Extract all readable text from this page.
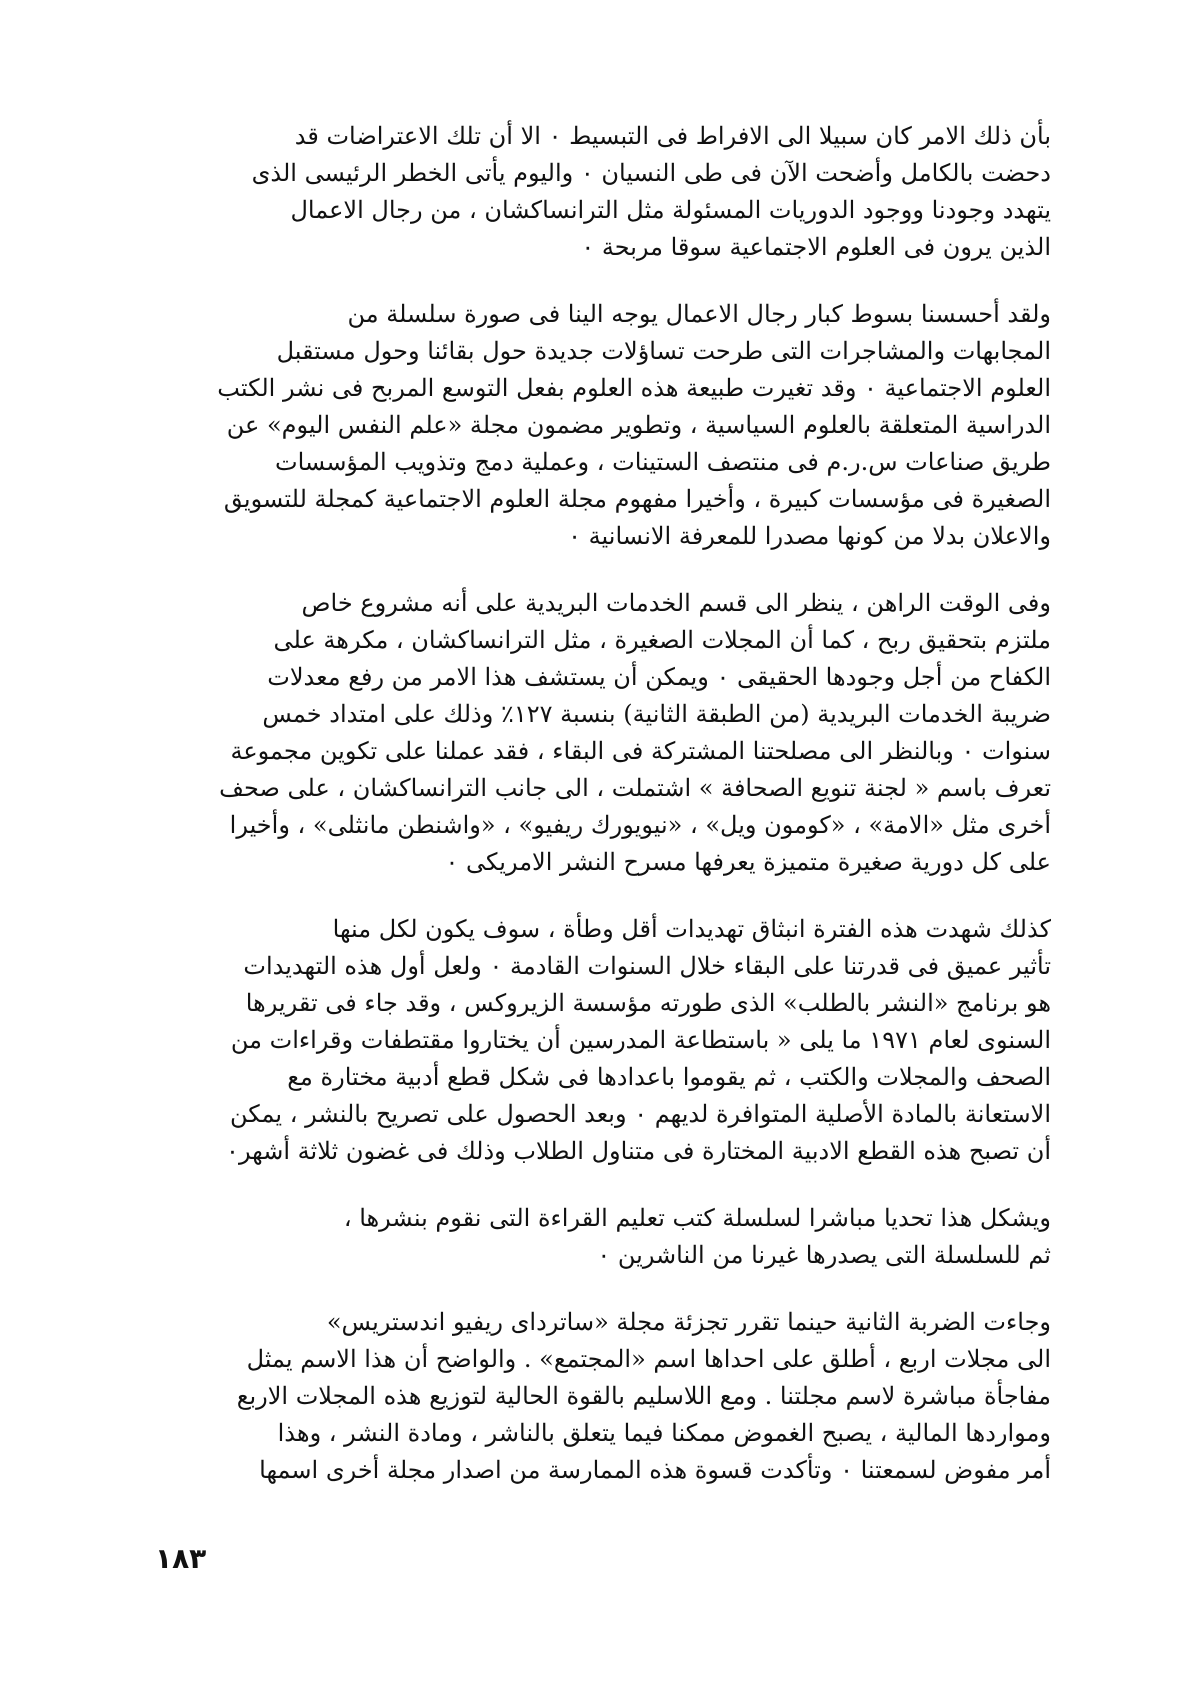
بأن ذلك الامر كان سبيلا الى الافراط فى التبسيط ۰ الا أن تلك الاعتراضات قد
دحضت بالكامل وأضحت الآن فى طى النسيان ۰ واليوم يأتى الخطر الرئيسى الذى
يتهدد وجودنا ووجود الدوريات المسئولة مثل الترانساكشان ، من رجال الاعمال
الذين يرون فى العلوم الاجتماعية سوقا مربحة ۰

ولقد أحسسنا بسوط كبار رجال الاعمال يوجه الينا فى صورة سلسلة من
المجابهات والمشاجرات التى طرحت تساؤلات جديدة حول بقائنا وحول مستقبل
العلوم الاجتماعية ۰ وقد تغيرت طبيعة هذه العلوم بفعل التوسع المربح فى نشر الكتب
الدراسية المتعلقة بالعلوم السياسية ، وتطوير مضمون مجلة «علم النفس اليوم» عن
طريق صناعات س.ر.م فى منتصف الستينات ، وعملية دمج وتذويب المؤسسات
الصغيرة فى مؤسسات كبيرة ، وأخيرا مفهوم مجلة العلوم الاجتماعية كمجلة للتسويق
والاعلان بدلا من كونها مصدرا للمعرفة الانسانية ۰

وفى الوقت الراهن ، ينظر الى قسم الخدمات البريدية على أنه مشروع خاص
ملتزم بتحقيق ربح ، كما أن المجلات الصغيرة ، مثل الترانساكشان ، مكرهة على
الكفاح من أجل وجودها الحقيقى ۰ ويمكن أن يستشف هذا الامر من رفع معدلات
ضريبة الخدمات البريدية (من الطبقة الثانية) بنسبة ١٢٧٪ وذلك على امتداد خمس
سنوات ۰ وبالنظر الى مصلحتنا المشتركة فى البقاء ، فقد عملنا على تكوين مجموعة
تعرف باسم « لجنة تنويع الصحافة » اشتملت ، الى جانب الترانساكشان ، على صحف
أخرى مثل «الامة» ، «كومون ويل» ، «نيويورك ريفيو» ، «واشنطن مانثلى» ، وأخيرا
على كل دورية صغيرة متميزة يعرفها مسرح النشر الامريكى ۰

كذلك شهدت هذه الفترة انبثاق تهديدات أقل وطأة ، سوف يكون لكل منها
تأثير عميق فى قدرتنا على البقاء خلال السنوات القادمة ۰ ولعل أول هذه التهديدات
هو برنامج «النشر بالطلب» الذى طورته مؤسسة الزيروكس ، وقد جاء فى تقريرها
السنوى لعام ١٩٧١ ما يلى « باستطاعة المدرسين أن يختاروا مقتطفات وقراءات من
الصحف والمجلات والكتب ، ثم يقوموا باعدادها فى شكل قطع أدبية مختارة مع
الاستعانة بالمادة الأصلية المتوافرة لديهم ۰ وبعد الحصول على تصريح بالنشر ، يمكن
أن تصبح هذه القطع الادبية المختارة فى متناول الطلاب وذلك فى غضون ثلاثة أشهر۰

ويشكل هذا تحديا مباشرا لسلسلة كتب تعليم القراءة التى نقوم بنشرها ،
ثم للسلسلة التى يصدرها غيرنا من الناشرين ۰

وجاءت الضربة الثانية حينما تقرر تجزئة مجلة «ساترداى ريفيو اندستريس»
الى مجلات اربع ، أطلق على احداها اسم «المجتمع» . والواضح أن هذا الاسم يمثل
مفاجأة مباشرة لاسم مجلتنا . ومع اللاسليم بالقوة الحالية لتوزيع هذه المجلات الاربع
ومواردها المالية ، يصبح الغموض ممكنا فيما يتعلق بالناشر ، ومادة النشر ، وهذا
أمر مفوض لسمعتنا ۰ وتأكدت قسوة هذه الممارسة من اصدار مجلة أخرى اسمها

١٨٣
